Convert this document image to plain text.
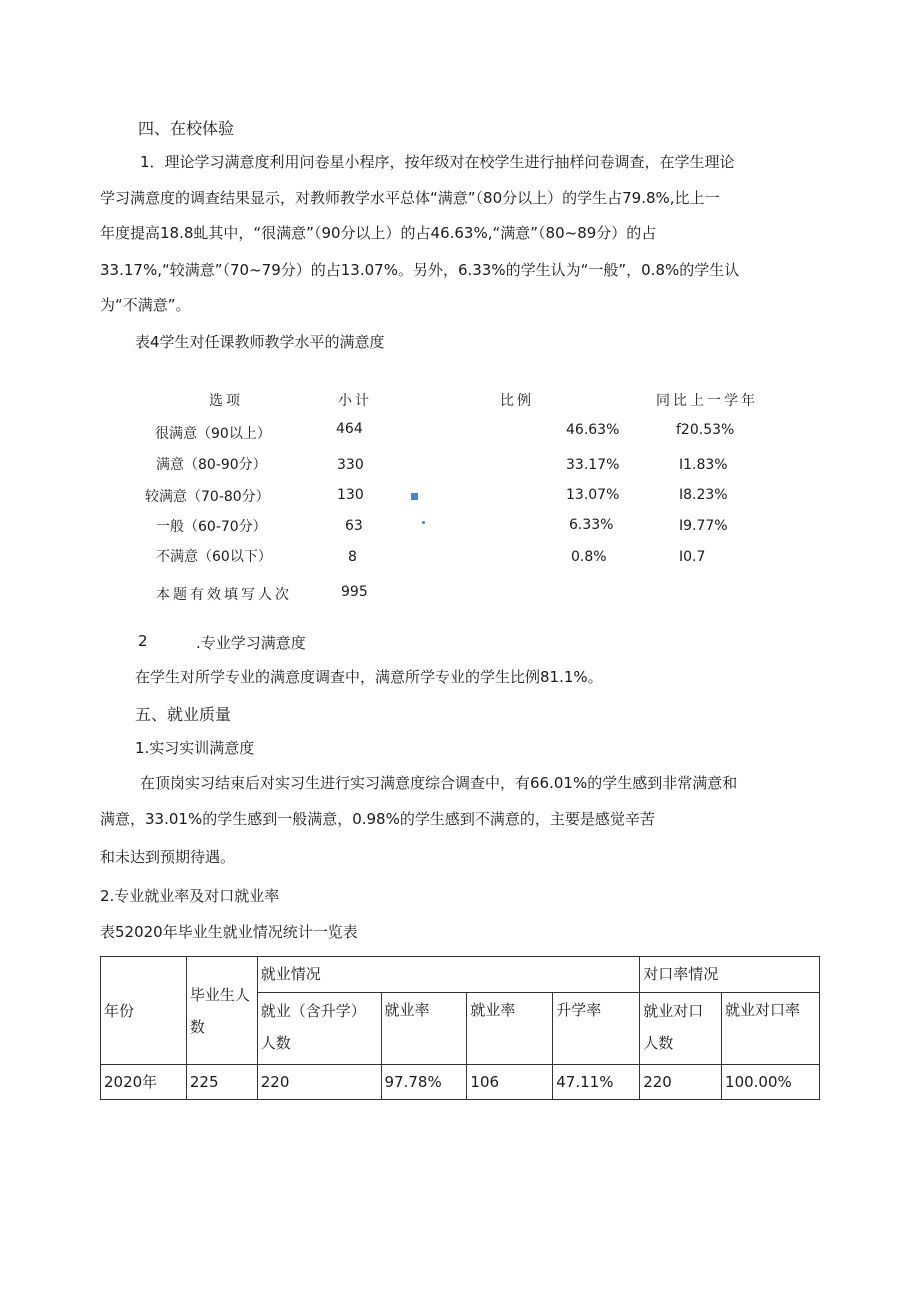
四、在校体验
1．理论学习满意度利用问卷星小程序，按年级对在校学生进行抽样问卷调查，在学生理论
学习满意度的调查结果显示，对教师教学水平总体“满意”（80分以上）的学生占79.8%,比上一
年度提高18.8虬其中，“很满意”（90分以上）的占46.63%,“满意”（80~89分）的占
33.17%,“较满意”（70~79分）的占13.07%。另外，6.33%的学生认为“一般”，0.8%的学生认
为“不满意”。
表4学生对任课教师教学水平的满意度
选项	小计	比例	同比上一学年
很满意（90以上）	464	46.63%	f20.53%
满意（80-90分）	330	33.17%	I1.83%
较满意（70-80分）	130	13.07%	I8.23%
一般（60-70分）	63	6.33%	I9.77%
不满意（60以下）	8	0.8%	I0.7
本题有效填写人次	995
2	.专业学习满意度
在学生对所学专业的满意度调查中，满意所学专业的学生比例81.1%。
五、就业质量
1.实习实训满意度
在顶岗实习结束后对实习生进行实习满意度综合调查中，有66.01%的学生感到非常满意和
满意，33.01%的学生感到一般满意，0.98%的学生感到不满意的，主要是感觉辛苦
和未达到预期待遇。
2.专业就业率及对口就业率
表52020年毕业生就业情况统计一览表
年份	毕业生人数	就业情况				对口率情况	
		就业（含升学）人数	就业率	就业率	升学率	就业对口人数	就业对口率
2020年	225	220	97.78%	106	47.11%	220	100.00%
